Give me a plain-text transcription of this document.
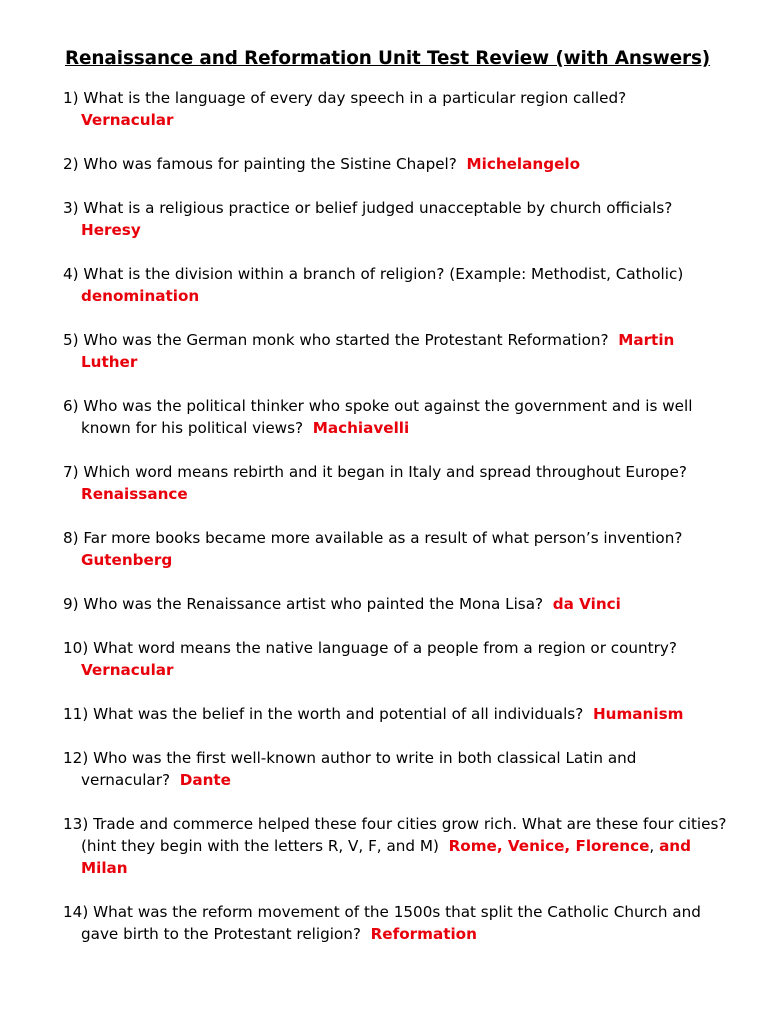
Renaissance and Reformation Unit Test Review (with Answers)

1) What is the language of every day speech in a particular region called?
Vernacular

2) Who was famous for painting the Sistine Chapel? Michelangelo

3) What is a religious practice or belief judged unacceptable by church officials?
Heresy

4) What is the division within a branch of religion? (Example: Methodist, Catholic)
denomination

5) Who was the German monk who started the Protestant Reformation? Martin Luther

6) Who was the political thinker who spoke out against the government and is well known for his political views? Machiavelli

7) Which word means rebirth and it began in Italy and spread throughout Europe?
Renaissance

8) Far more books became more available as a result of what person’s invention?
Gutenberg

9) Who was the Renaissance artist who painted the Mona Lisa? da Vinci

10) What word means the native language of a people from a region or country?
Vernacular

11) What was the belief in the worth and potential of all individuals? Humanism

12) Who was the first well-known author to write in both classical Latin and vernacular? Dante

13) Trade and commerce helped these four cities grow rich. What are these four cities? (hint they begin with the letters R, V, F, and M) Rome, Venice, Florence, and Milan

14) What was the reform movement of the 1500s that split the Catholic Church and gave birth to the Protestant religion? Reformation
